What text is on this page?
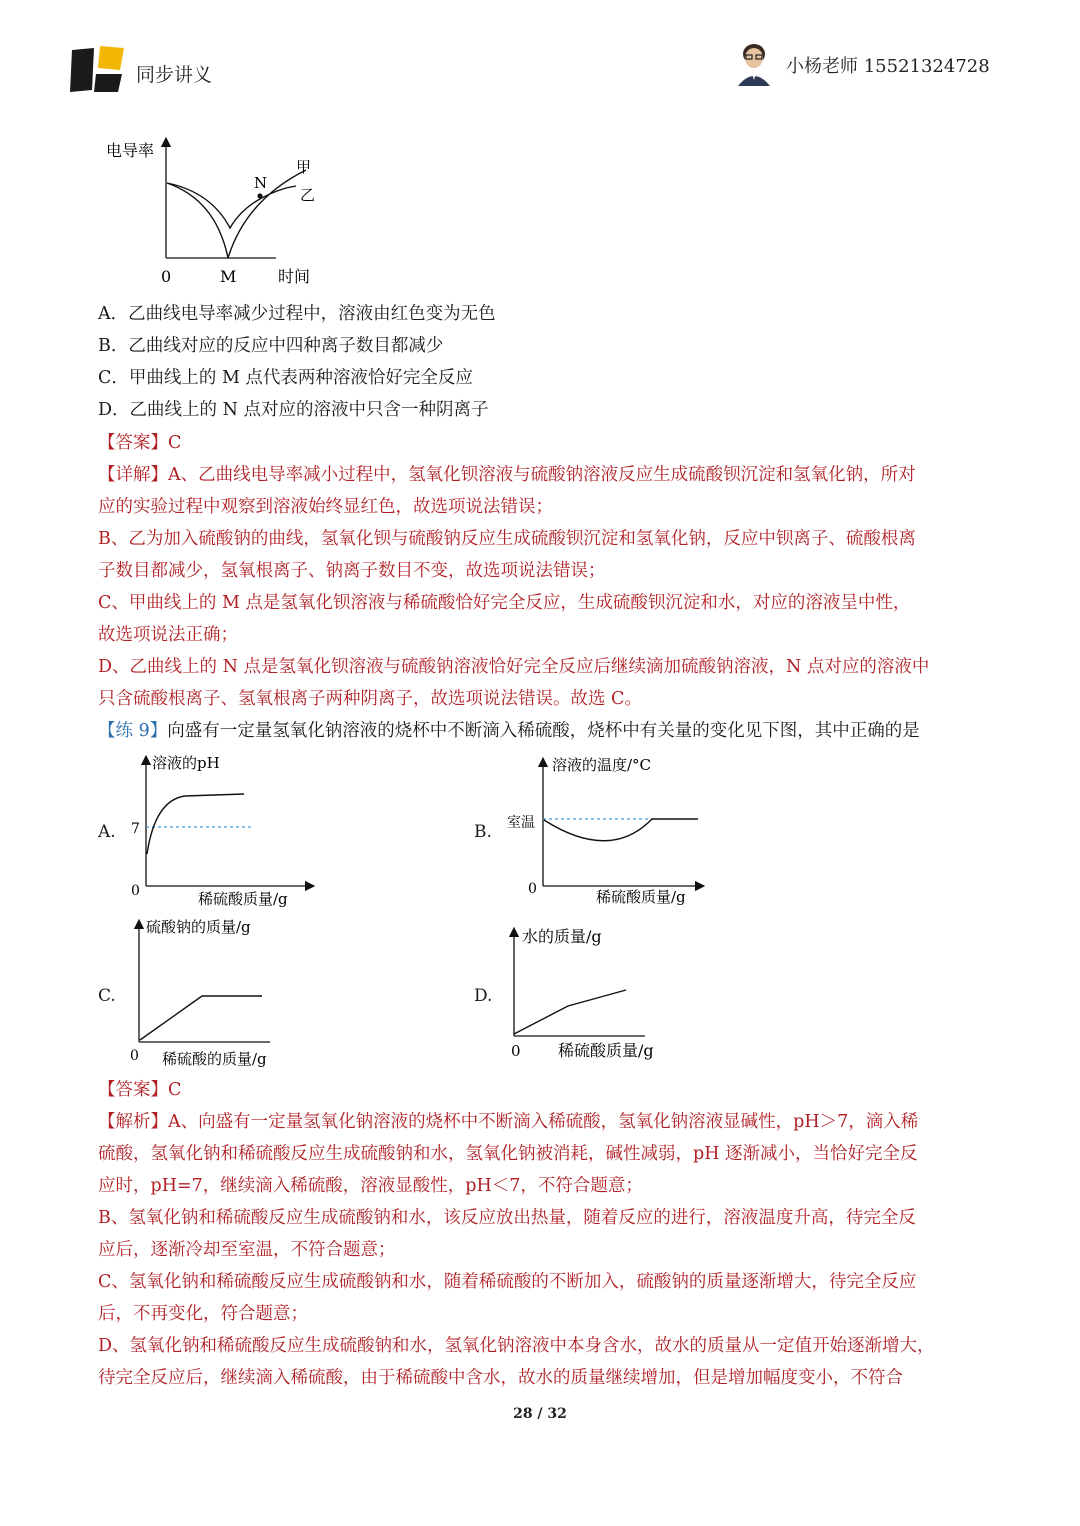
同步讲义	小杨老师 15521324728
电导率
时间
0	M
N
甲
乙
A．乙曲线电导率减少过程中，溶液由红色变为无色
B．乙曲线对应的反应中四种离子数目都减少
C．甲曲线上的 M 点代表两种溶液恰好完全反应
D．乙曲线上的 N 点对应的溶液中只含一种阴离子
【答案】C
【详解】A、乙曲线电导率减小过程中，氢氧化钡溶液与硫酸钠溶液反应生成硫酸钡沉淀和氢氧化钠，所对
应的实验过程中观察到溶液始终显红色，故选项说法错误；
B、乙为加入硫酸钠的曲线，氢氧化钡与硫酸钠反应生成硫酸钡沉淀和氢氧化钠，反应中钡离子、硫酸根离
子数目都减少，氢氧根离子、钠离子数目不变，故选项说法错误；
C、甲曲线上的 M 点是氢氧化钡溶液与稀硫酸恰好完全反应，生成硫酸钡沉淀和水，对应的溶液呈中性，
故选项说法正确；
D、乙曲线上的 N 点是氢氧化钡溶液与硫酸钠溶液恰好完全反应后继续滴加硫酸钠溶液，N 点对应的溶液中
只含硫酸根离子、氢氧根离子两种阴离子，故选项说法错误。故选 C。
【练 9】向盛有一定量氢氧化钠溶液的烧杯中不断滴入稀硫酸，烧杯中有关量的变化见下图，其中正确的是
A.
溶液的pH
稀硫酸质量/g
0
7	B.
溶液的温度/°C
稀硫酸质量/g
0
室温
C.
硫酸钠的质量/g
稀硫酸的质量/g
0
D.
水的质量/g
稀硫酸质量/g
0
【答案】C
【解析】A、向盛有一定量氢氧化钠溶液的烧杯中不断滴入稀硫酸，氢氧化钠溶液显碱性，pH＞7，滴入稀
硫酸，氢氧化钠和稀硫酸反应生成硫酸钠和水，氢氧化钠被消耗，碱性减弱，pH 逐渐减小，当恰好完全反
应时，pH=7，继续滴入稀硫酸，溶液显酸性，pH＜7，不符合题意；
B、氢氧化钠和稀硫酸反应生成硫酸钠和水，该反应放出热量，随着反应的进行，溶液温度升高，待完全反
应后，逐渐冷却至室温，不符合题意；
C、氢氧化钠和稀硫酸反应生成硫酸钠和水，随着稀硫酸的不断加入，硫酸钠的质量逐渐增大，待完全反应
后，不再变化，符合题意；
D、氢氧化钠和稀硫酸反应生成硫酸钠和水，氢氧化钠溶液中本身含水，故水的质量从一定值开始逐渐增大，
待完全反应后，继续滴入稀硫酸，由于稀硫酸中含水，故水的质量继续增加，但是增加幅度变小，不符合
28 / 32
